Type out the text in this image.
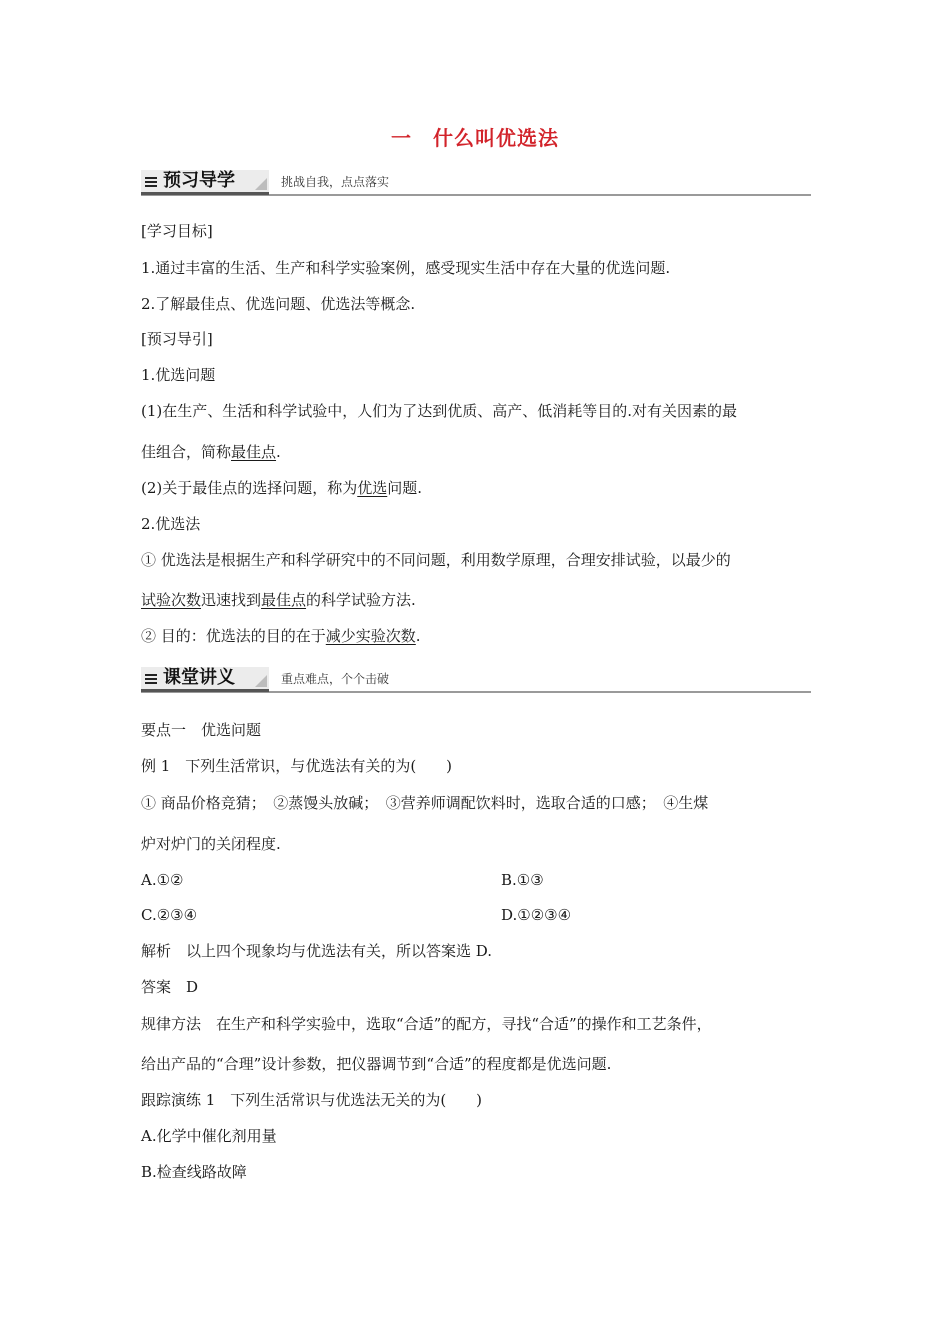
一　什么叫优选法
预习导学	挑战自我，点点落实
[学习目标]
1.通过丰富的生活、生产和科学实验案例，感受现实生活中存在大量的优选问题.
2.了解最佳点、优选问题、优选法等概念.
[预习导引]
1.优选问题
(1)在生产、生活和科学试验中，人们为了达到优质、高产、低消耗等目的.对有关因素的最
佳组合，简称最佳点.
(2)关于最佳点的选择问题，称为优选问题.
2.优选法
① 优选法是根据生产和科学研究中的不同问题，利用数学原理，合理安排试验，以最少的
试验次数迅速找到最佳点的科学试验方法.
② 目的：优选法的目的在于减少实验次数.
课堂讲义	重点难点，个个击破
要点一　优选问题
例 1　下列生活常识，与优选法有关的为(　　)
① 商品价格竞猜；　②蒸馒头放碱；　③营养师调配饮料时，选取合适的口感；　④生煤
炉对炉门的关闭程度.
A.①②	B.①③
C.②③④	D.①②③④
解析　以上四个现象均与优选法有关，所以答案选 D.
答案　D
规律方法　在生产和科学实验中，选取“合适”的配方，寻找“合适”的操作和工艺条件，
给出产品的“合理”设计参数，把仪器调节到“合适”的程度都是优选问题.
跟踪演练 1　下列生活常识与优选法无关的为(　　)
A.化学中催化剂用量
B.检查线路故障
